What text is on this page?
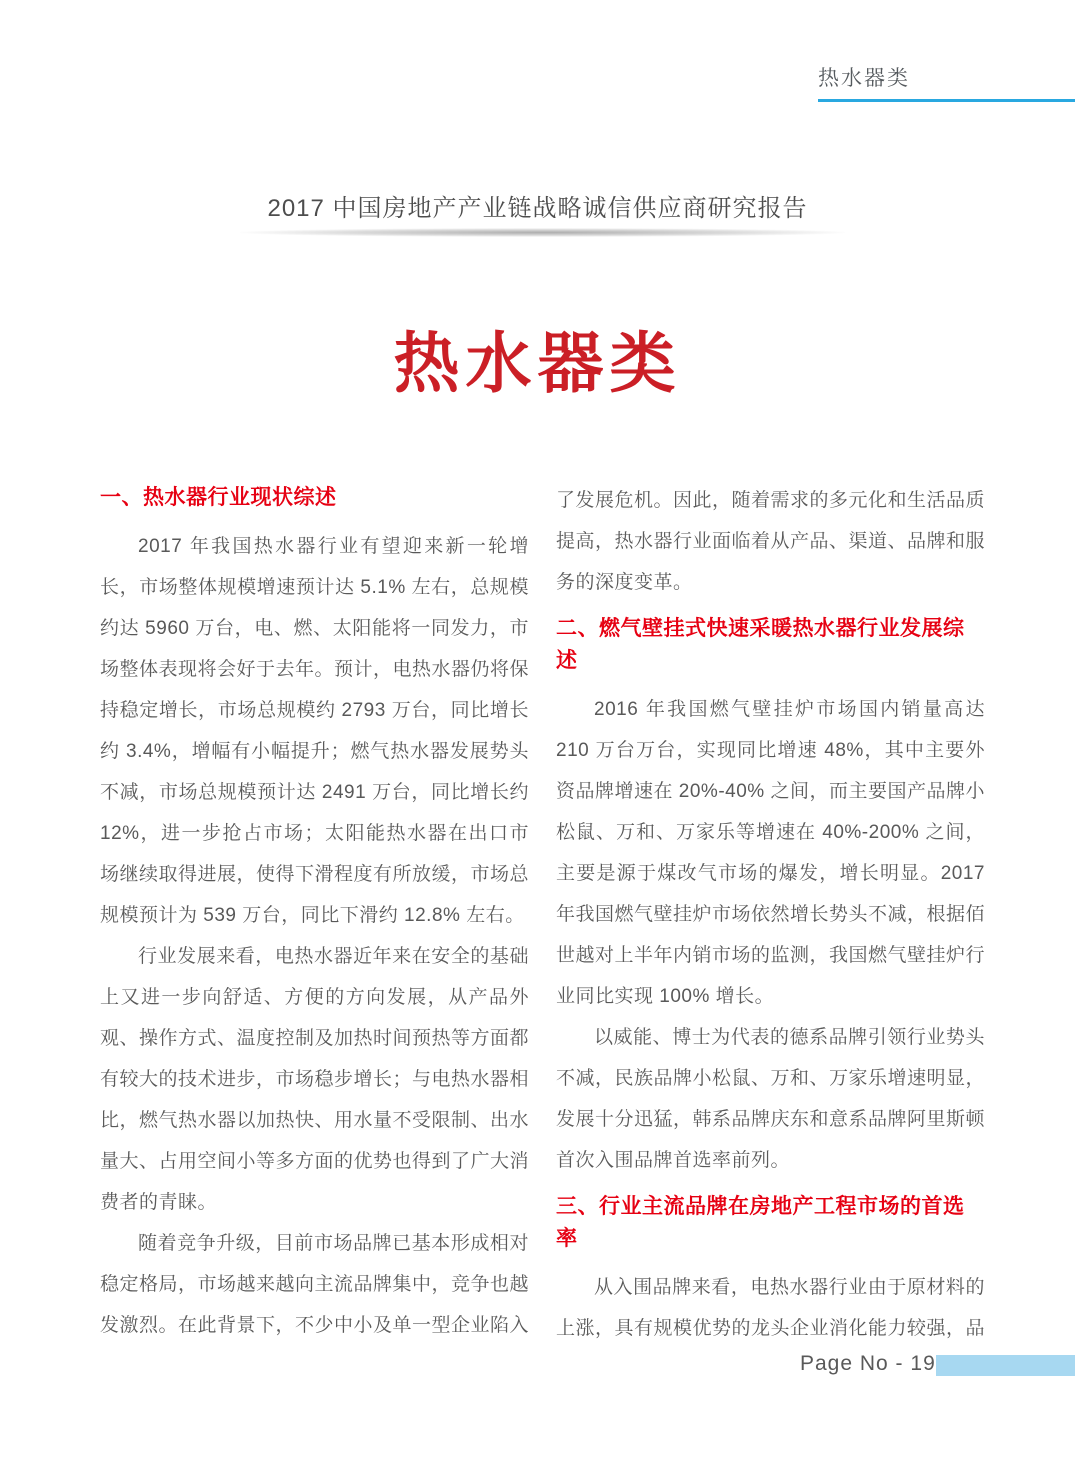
热水器类
2017 中国房地产产业链战略诚信供应商研究报告
热水器类
一、热水器行业现状综述

2017 年我国热水器行业有望迎来新一轮增长，市场整体规模增速预计达 5.1% 左右，总规模约达 5960 万台，电、燃、太阳能将一同发力，市场整体表现将会好于去年。预计，电热水器仍将保持稳定增长，市场总规模约 2793 万台，同比增长约 3.4%，增幅有小幅提升；燃气热水器发展势头不减，市场总规模预计达 2491 万台，同比增长约 12%，进一步抢占市场；太阳能热水器在出口市场继续取得进展，使得下滑程度有所放缓，市场总规模预计为 539 万台，同比下滑约 12.8% 左右。

行业发展来看，电热水器近年来在安全的基础上又进一步向舒适、方便的方向发展，从产品外观、操作方式、温度控制及加热时间预热等方面都有较大的技术进步，市场稳步增长；与电热水器相比，燃气热水器以加热快、用水量不受限制、出水量大、占用空间小等多方面的优势也得到了广大消费者的青睐。

随着竞争升级，目前市场品牌已基本形成相对稳定格局，市场越来越向主流品牌集中，竞争也越发激烈。在此背景下，不少中小及单一型企业陷入

了发展危机。因此，随着需求的多元化和生活品质提高，热水器行业面临着从产品、渠道、品牌和服务的深度变革。

二、燃气壁挂式快速采暖热水器行业发展综述

2016 年我国燃气壁挂炉市场国内销量高达 210 万台万台，实现同比增速 48%，其中主要外资品牌增速在 20%-40% 之间，而主要国产品牌小松鼠、万和、万家乐等增速在 40%-200% 之间，主要是源于煤改气市场的爆发，增长明显。2017 年我国燃气壁挂炉市场依然增长势头不减，根据佰世越对上半年内销市场的监测，我国燃气壁挂炉行业同比实现 100% 增长。

以威能、博士为代表的德系品牌引领行业势头不减，民族品牌小松鼠、万和、万家乐增速明显，发展十分迅猛，韩系品牌庆东和意系品牌阿里斯顿首次入围品牌首选率前列。

三、行业主流品牌在房地产工程市场的首选率

从入围品牌来看，电热水器行业由于原材料的上涨，具有规模优势的龙头企业消化能力较强，品

Page No - 19
